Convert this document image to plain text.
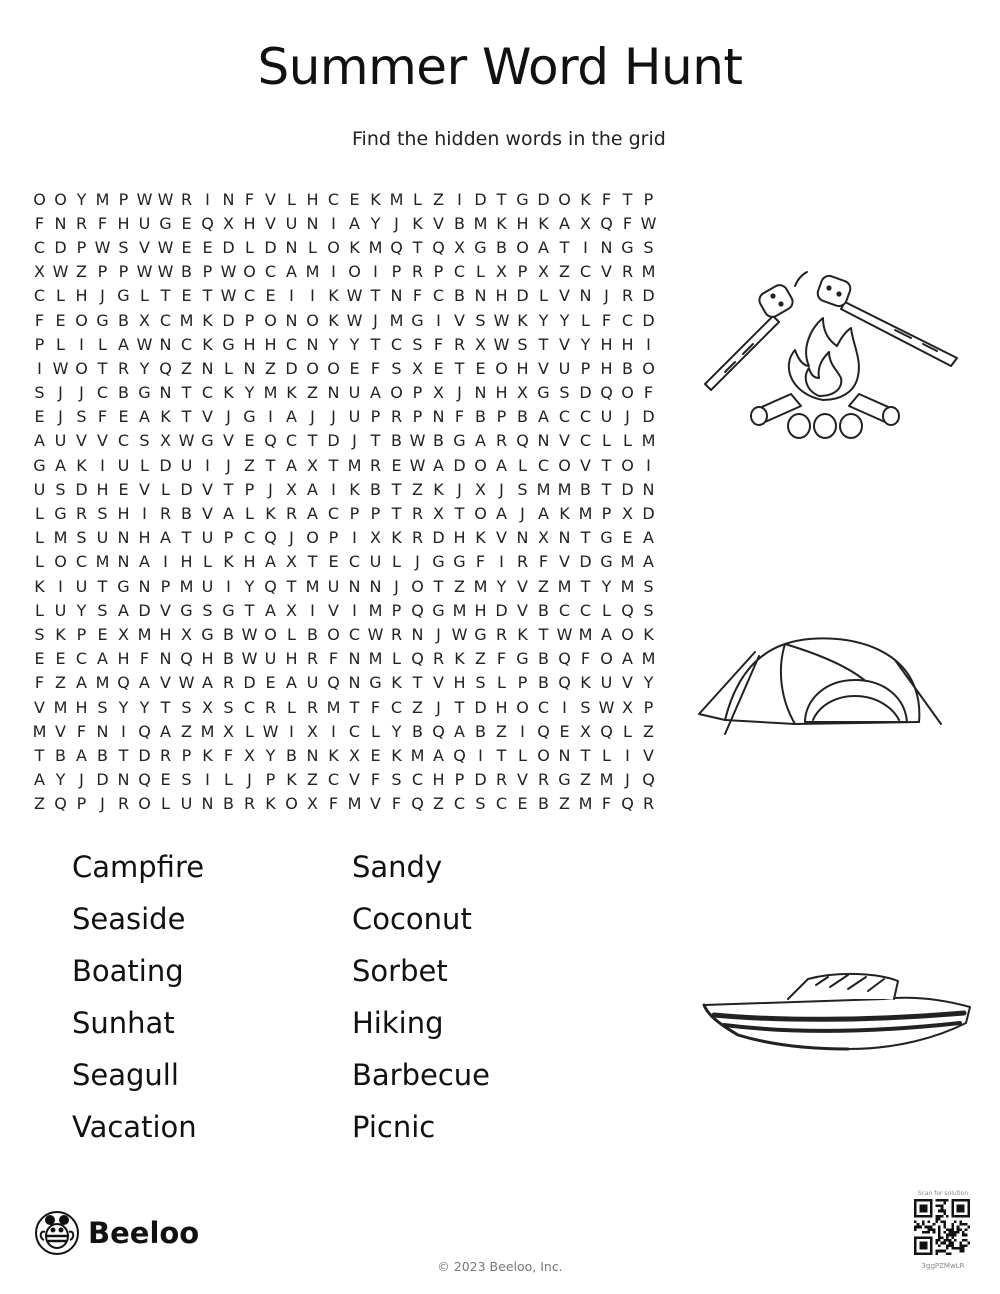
Summer Word Hunt
Find the hidden words in the grid
O O Y M P W W R I N F V L H C E K M L Z I D T G D O K F T P
F N R F H U G E Q X H V U N I A Y J K V B M K H K A X Q F W
C D P W S V W E E D L D N L O K M Q T Q X G B O A T I N G S
X W Z P P W W B P W O C A M I O I P R P C L X P X Z C V R M
C L H J G L T E T W C E I	I K W T N F C B N H D L V N J R D
F E O G B X C M K D P O N O K W J M G I V S W K Y Y L F C D
P L I L A W N C K G H H C N Y Y T C S F R X W S T V Y H H I
I W O T R Y Q Z N L N Z D O O E F S X E T E O H V U P H B O
S J	J C B G N T C K Y M K Z N U A O P X J N H X G S D Q O F
E J S F E A K T V J G I A J	J U P R P N F B P B A C C U J D
A U V V C S X W G V E Q C T D J T B W B G A R Q N V C L L M
G A K I U L D U I	J Z T A X T M R E W A D O A L C O V T O I
U S D H E V L D V T P J X A I K B T Z K J X J S M M B T D N
L G R S H I R B V A L K R A C P P T R X T O A J A K M P X D
L M S U N H A T U P C Q J O P I X K R D H K V N X N T G E A
L O C M N A I H L K H A X T E C U L J G G F I R F V D G M A
K I U T G N P M U I Y Q T M U N N J O T Z M Y V Z M T Y M S
L U Y S A D V G S G T A X I V I M P Q G M H D V B C C L Q S
S K P E X M H X G B W O L B O C W R N J W G R K T W M A O K
E E C A H F N Q H B W U H R F N M L Q R K Z F G B Q F O A M
F Z A M Q A V W A R D E A U Q N G K T V H S L P B Q K U V Y
V M H S Y Y T S X S C R L R M T F C Z J T D H O C I S W X P
M V F N I Q A Z M X L W I X I C L Y B Q A B Z I Q E X Q L Z
T B A B T D R P K F X Y B N K X E K M A Q I T L O N T L I V
A Y J D N Q E S I L J P K Z C V F S C H P D R V R G Z M J Q
Z Q P J R O L U N B R K O X F M V F Q Z C S C E B Z M F Q R
Campfire
Seaside
Boating
Sunhat
Seagull
Vacation
Sandy
Coconut
Sorbet
Hiking
Barbecue
Picnic
Beeloo
© 2023 Beeloo, Inc.
Scan for solution
3ggPZMwLR
